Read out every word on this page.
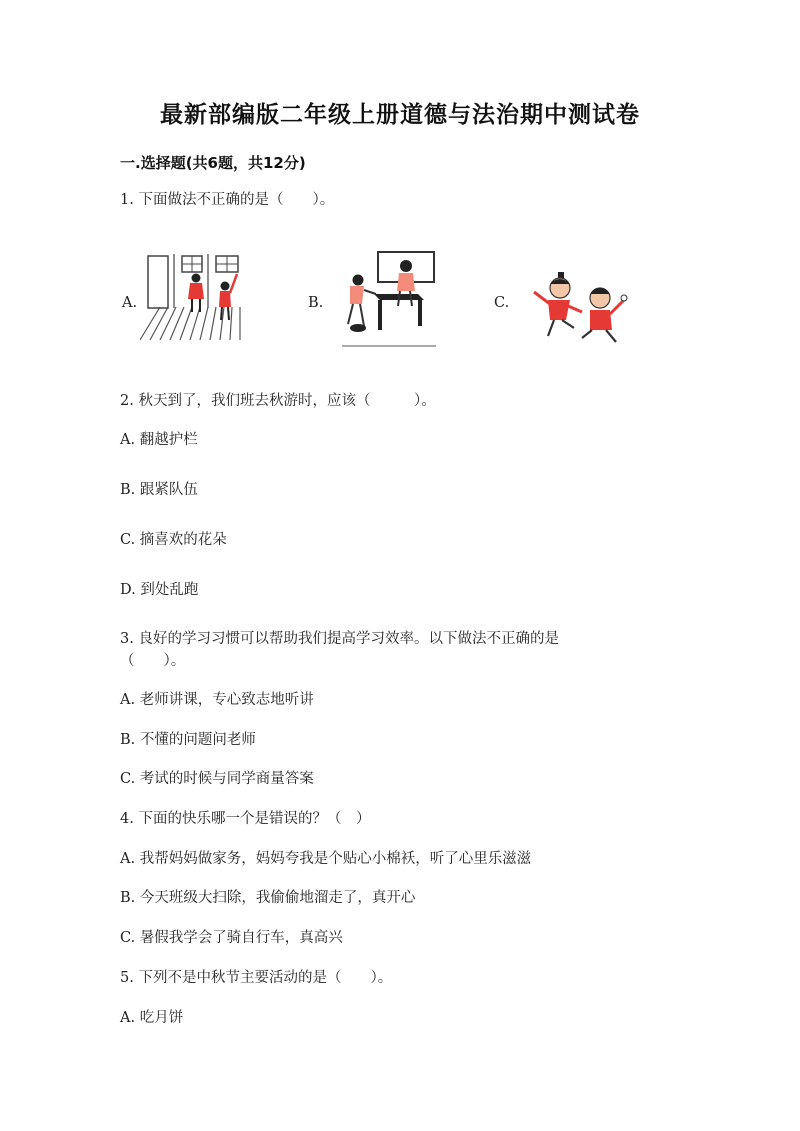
最新部编版二年级上册道德与法治期中测试卷
一.选择题(共6题，共12分)
1. 下面做法不正确的是（　　）。
A.	B.	C.
2. 秋天到了，我们班去秋游时，应该（　　　）。
A. 翻越护栏
B. 跟紧队伍
C. 摘喜欢的花朵
D. 到处乱跑
3. 良好的学习习惯可以帮助我们提高学习效率。以下做法不正确的是
（　　）。
A. 老师讲课，专心致志地听讲
B. 不懂的问题问老师
C. 考试的时候与同学商量答案
4. 下面的快乐哪一个是错误的？（　）
A. 我帮妈妈做家务，妈妈夸我是个贴心小棉袄，听了心里乐滋滋
B. 今天班级大扫除，我偷偷地溜走了，真开心
C. 暑假我学会了骑自行车，真高兴
5. 下列不是中秋节主要活动的是（　　）。
A. 吃月饼
